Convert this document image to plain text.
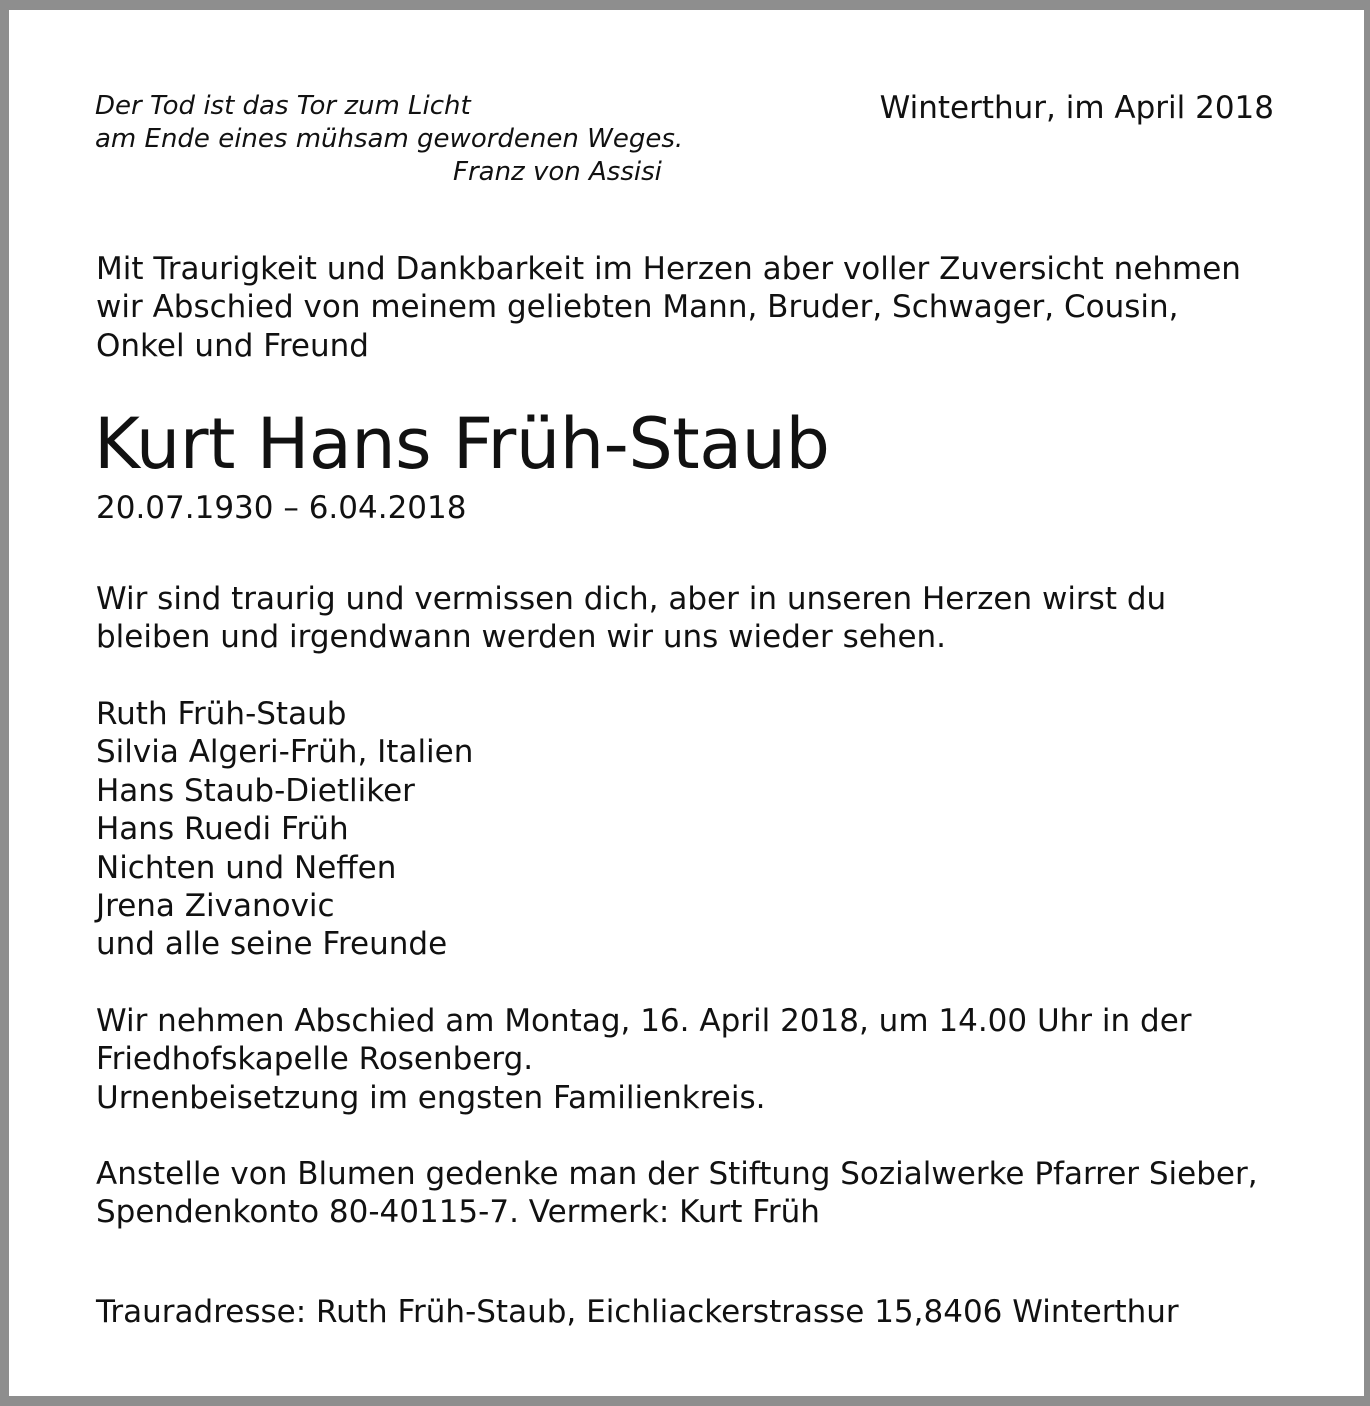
Der Tod ist das Tor zum Licht
am Ende eines mühsam gewordenen Weges.
Franz von Assisi
Winterthur, im April 2018
Mit Traurigkeit und Dankbarkeit im Herzen aber voller Zuversicht nehmen
wir Abschied von meinem geliebten Mann, Bruder, Schwager, Cousin,
Onkel und Freund
Kurt Hans Früh-Staub
20.07.1930 – 6.04.2018
Wir sind traurig und vermissen dich, aber in unseren Herzen wirst du
bleiben und irgendwann werden wir uns wieder sehen.
Ruth Früh-Staub
Silvia Algeri-Früh, Italien
Hans Staub-Dietliker
Hans Ruedi Früh
Nichten und Neffen
Jrena Zivanovic
und alle seine Freunde
Wir nehmen Abschied am Montag, 16. April 2018, um 14.00 Uhr in der
Friedhofskapelle Rosenberg.
Urnenbeisetzung im engsten Familienkreis.
Anstelle von Blumen gedenke man der Stiftung Sozialwerke Pfarrer Sieber,
Spendenkonto 80-40115-7. Vermerk: Kurt Früh
Trauradresse: Ruth Früh-Staub, Eichliackerstrasse 15,8406 Winterthur
